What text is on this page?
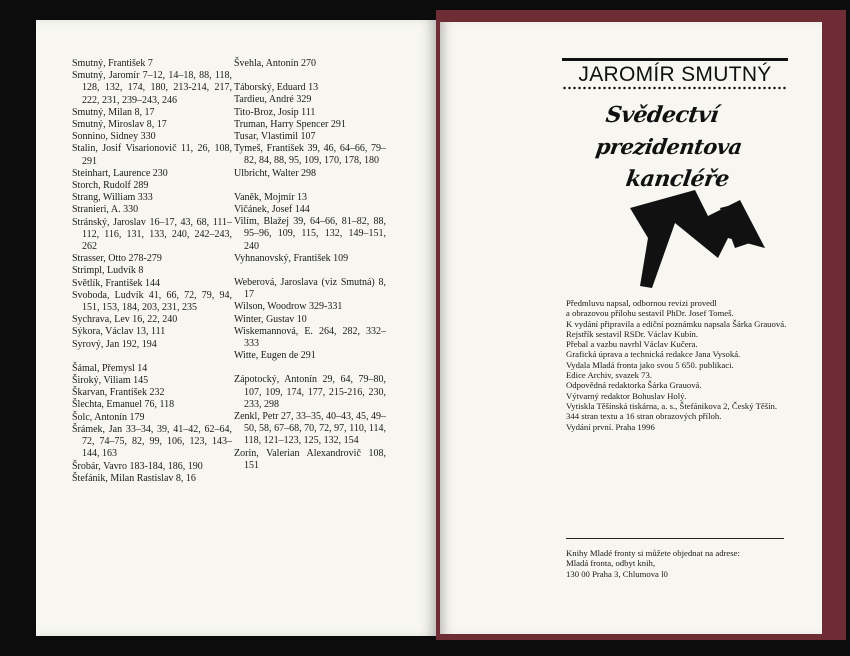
Smutný, František 7
Smutný, Jaromír 7–12, 14–18, 88, 118, 128, 132, 174, 180, 213-214, 217, 222, 231, 239–243, 246
Smutný, Milan 8, 17
Smutný, Miroslav 8, 17
Sonnino, Sidney 330
Stalin, Josif Visarionovič 11, 26, 108, 291
Steinhart, Laurence 230
Storch, Rudolf 289
Strang, William 333
Stranieri, A. 330
Stránský, Jaroslav 16–17, 43, 68, 111–112, 116, 131, 133, 240, 242–243, 262
Strasser, Otto 278-279
Strimpl, Ludvík 8
Světlík, František 144
Svoboda, Ludvík 41, 66, 72, 79, 94, 151, 153, 184, 203, 231, 235
Sychrava, Lev 16, 22, 240
Sýkora, Václav 13, 111
Syrový, Jan 192, 194
Šámal, Přemysl 14
Široký, Viliam 145
Škarvan, František 232
Šlechta, Emanuel 76, 118
Šolc, Antonín 179
Šrámek, Jan 33–34, 39, 41–42, 62–64, 72, 74–75, 82, 99, 106, 123, 143–144, 163
Šrobár, Vavro 183-184, 186, 190
Štefánik, Milan Rastislav 8, 16
Švehla, Antonín 270
Táborský, Eduard 13
Tardieu, André 329
Tito-Broz, Josip 111
Truman, Harry Spencer 291
Tusar, Vlastimil 107
Tymeš, František 39, 46, 64–66, 79–82, 84, 88, 95, 109, 170, 178, 180
Ulbricht, Walter 298
Vaněk, Mojmír 13
Vičánek, Josef 144
Vilím, Blažej 39, 64–66, 81–82, 88, 95–96, 109, 115, 132, 149–151, 240
Vyhnanovský, František 109
Weberová, Jaroslava (viz Smutná) 8, 17
Wilson, Woodrow 329-331
Winter, Gustav 10
Wiskemannová, E. 264, 282, 332–333
Witte, Eugen de 291
Zápotocký, Antonín 29, 64, 79–80, 107, 109, 174, 177, 215-216, 230, 233, 298
Zenkl, Petr 27, 33–35, 40–43, 45, 49–50, 58, 67–68, 70, 72, 97, 110, 114, 118, 121–123, 125, 132, 154
Zorin, Valerian Alexandrovič 108, 151
JAROMÍR SMUTNÝ
Svědectví
prezidentova
kancléře

Předmluvu napsal, odbornou revizi provedl

a obrazovou přílohu sestavil PhDr. Josef Tomeš.

K vydání připravila a ediční poznámku napsala Šárka Grauová.

Rejstřík sestavil RSDr. Václav Kubín.

Přebal a vazbu navrhl Václav Kučera.

Grafická úprava a technická redakce Jana Vysoká.

Vydala Mladá fronta jako svou 5 650. publikaci.

Edice Archiv, svazek 73.

Odpovědná redaktorka Šárka Grauová.

Výtvarný redaktor Bohuslav Holý.

Vytiskla Těšínská tiskárna, a. s., Štefánikova 2, Český Těšín.

344 stran textu a 16 stran obrazových příloh.

Vydání první. Praha 1996

Knihy Mladé fronty si můžete objednat na adrese:

Mladá fronta, odbyt knih,

130 00 Praha 3, Chlumova l0
